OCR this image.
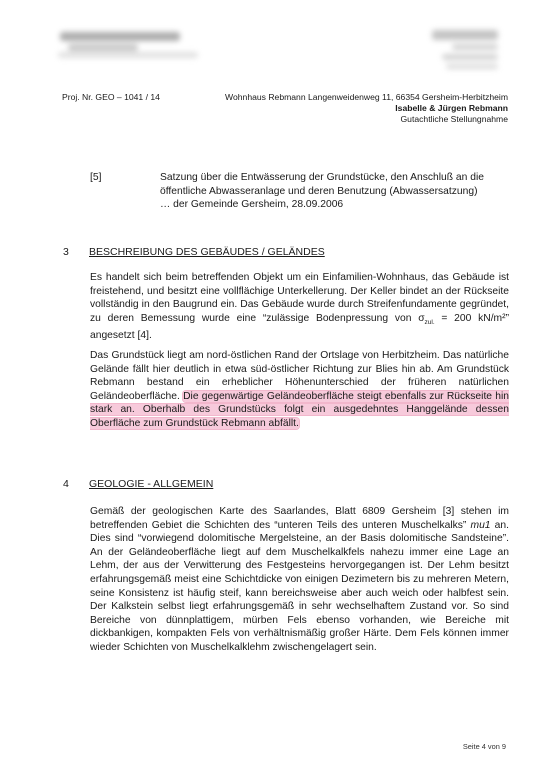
Proj. Nr. GEO – 1041 / 14	Wohnhaus Rebmann Langenweidenweg 11, 66354 Gersheim-Herbitzheim
Isabelle & Jürgen Rebmann
Gutachtliche Stellungnahme
[5]	Satzung über die Entwässerung der Grundstücke, den Anschluß an die öffentliche Abwasseranlage und deren Benutzung (Abwassersatzung) … der Gemeinde Gersheim, 28.09.2006
3 BESCHREIBUNG DES GEBÄUDES / GELÄNDES

Es handelt sich beim betreffenden Objekt um ein Einfamilien-Wohnhaus, das Gebäude ist freistehend, und besitzt eine vollflächige Unterkellerung. Der Keller bindet an der Rückseite vollständig in den Baugrund ein. Das Gebäude wurde durch Streifenfundamente gegründet, zu deren Bemessung wurde eine “zulässige Bodenpressung von $\sigma_{zul.} = 200$ kN/m²” angesetzt [4].

Das Grundstück liegt am nord-östlichen Rand der Ortslage von Herbitzheim. Das natürliche Gelände fällt hier deutlich in etwa süd-östlicher Richtung zur Blies hin ab. Am Grundstück Rebmann bestand ein erheblicher Höhenunterschied der früheren natürlichen Geländeoberfläche. Die gegenwärtige Geländeoberfläche steigt ebenfalls zur Rückseite hin stark an. Oberhalb des Grundstücks folgt ein ausgedehntes Hanggelände dessen Oberfläche zum Grundstück Rebmann abfällt.

4 GEOLOGIE - ALLGEMEIN

Gemäß der geologischen Karte des Saarlandes, Blatt 6809 Gersheim [3] stehen im betreffenden Gebiet die Schichten des “unteren Teils des unteren Muschelkalks” mu1 an. Dies sind “vorwiegend dolomitische Mergelsteine, an der Basis dolomitische Sandsteine”. An der Geländeoberfläche liegt auf dem Muschelkalkfels nahezu immer eine Lage an Lehm, der aus der Verwitterung des Festgesteins hervorgegangen ist. Der Lehm besitzt erfahrungsgemäß meist eine Schichtdicke von einigen Dezimetern bis zu mehreren Metern, seine Konsistenz ist häufig steif, kann bereichsweise aber auch weich oder halbfest sein. Der Kalkstein selbst liegt erfahrungsgemäß in sehr wechselhaftem Zustand vor. So sind Bereiche von dünnplattigem, mürben Fels ebenso vorhanden, wie Bereiche mit dickbankigen, kompakten Fels von verhältnismäßig großer Härte. Dem Fels können immer wieder Schichten von Muschelkalklehm zwischengelagert sein.

Seite 4 von 9
